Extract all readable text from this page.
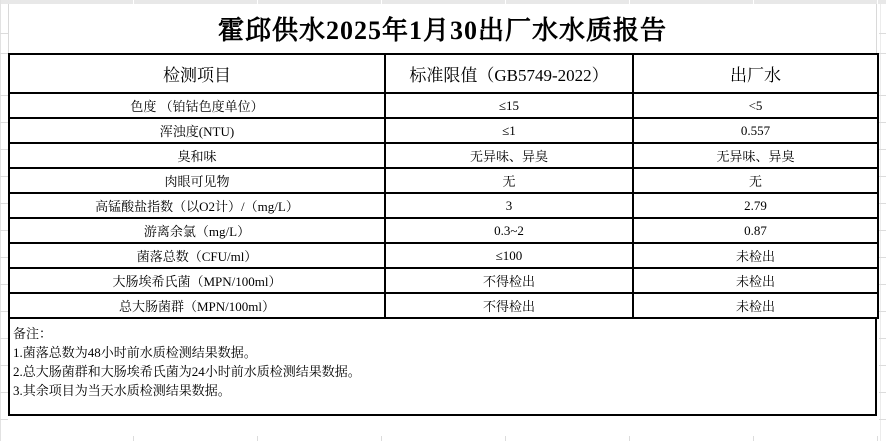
霍邱供水2025年1月30出厂水水质报告
检测项目	标准限值（GB5749-2022）	出厂水
色度 （铂钴色度单位）	≤15	<5
浑浊度(NTU)	≤1	0.557
臭和味	无异味、异臭	无异味、异臭
肉眼可见物	无	无
高锰酸盐指数（以O2计）/（mg/L）	3	2.79
游离余氯（mg/L）	0.3~2	0.87
菌落总数（CFU/ml）	≤100	未检出
大肠埃希氏菌（MPN/100ml）	不得检出	未检出
总大肠菌群（MPN/100ml）	不得检出	未检出
备注：
1.菌落总数为48小时前水质检测结果数据。
2.总大肠菌群和大肠埃希氏菌为24小时前水质检测结果数据。
3.其余项目为当天水质检测结果数据。
